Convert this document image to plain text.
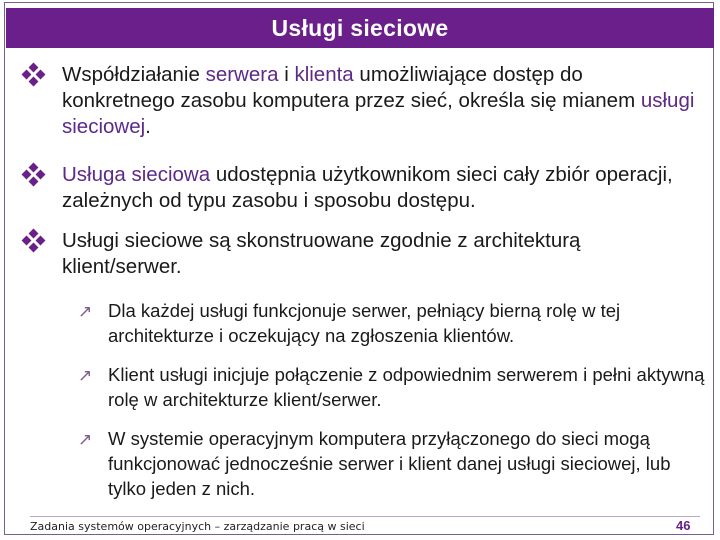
Usługi sieciowe
Współdziałanie serwera i klienta umożliwiające dostęp do konkretnego zasobu komputera przez sieć, określa się mianem usługi sieciowej.
Usługa sieciowa udostępnia użytkownikom sieci cały zbiór operacji, zależnych od typu zasobu i sposobu dostępu.
Usługi sieciowe są skonstruowane zgodnie z architekturą klient/serwer.
↗ Dla każdej usługi funkcjonuje serwer, pełniący bierną rolę w tej architekturze i oczekujący na zgłoszenia klientów.
↗ Klient usługi inicjuje połączenie z odpowiednim serwerem i pełni aktywną rolę w architekturze klient/serwer.
↗ W systemie operacyjnym komputera przyłączonego do sieci mogą funkcjonować jednocześnie serwer i klient danej usługi sieciowej, lub tylko jeden z nich.
Zadania systemów operacyjnych – zarządzanie pracą w sieci	46
